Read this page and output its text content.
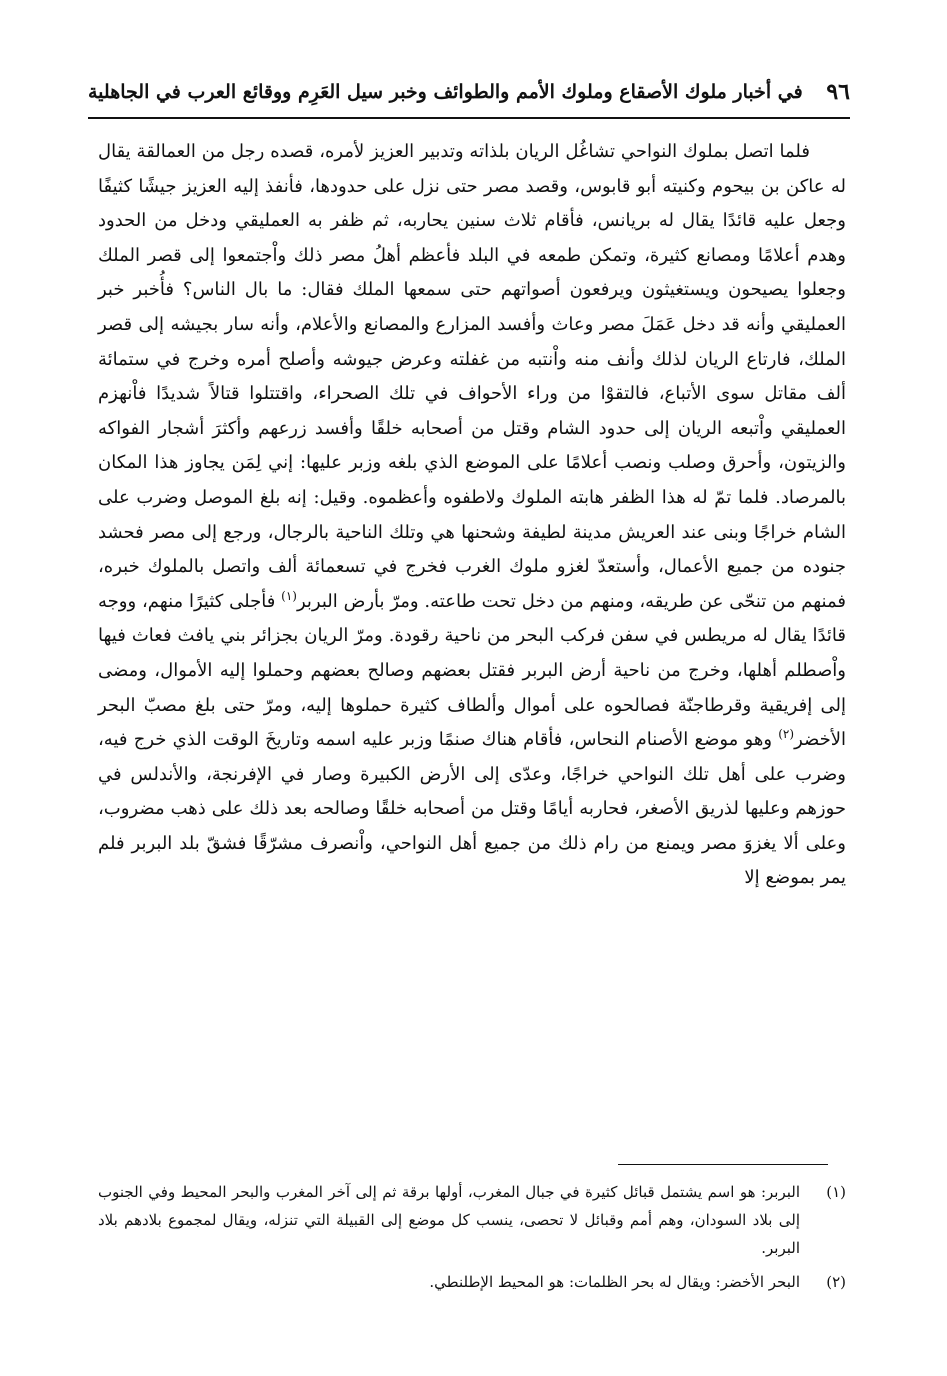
٩٦
في أخبار ملوك الأصقاع وملوك الأمم والطوائف وخبر سيل العَرِم ووقائع العرب في الجاهلية

فلما اتصل بملوك النواحي تشاغُل الريان بلذاته وتدبير العزيز لأمره، قصده رجل من العمالقة يقال له عاكن بن بيحوم وكنيته أبو قابوس، وقصد مصر حتى نزل على حدودها، فأنفذ إليه العزيز جيشًا كثيفًا وجعل عليه قائدًا يقال له بريانس، فأقام ثلاث سنين يحاربه، ثم ظفر به العمليقي ودخل من الحدود وهدم أعلامًا ومصانع كثيرة، وتمكن طمعه في البلد فأعظم أهلُ مصر ذلك واْجتمعوا إلى قصر الملك وجعلوا يصيحون ويستغيثون ويرفعون أصواتهم حتى سمعها الملك فقال: ما بال الناس؟ فأُخبر خبر العمليقي وأنه قد دخل عَمَلَ مصر وعاث وأفسد المزارع والمصانع والأعلام، وأنه سار بجيشه إلى قصر الملك، فارتاع الريان لذلك وأنف منه واْنتبه من غفلته وعرض جيوشه وأصلح أمره وخرج في ستمائة ألف مقاتل سوى الأتباع، فالتقوْا من وراء الأحواف في تلك الصحراء، واقتتلوا قتالاً شديدًا فاْنهزم العمليقي واْتبعه الريان إلى حدود الشام وقتل من أصحابه خلقًا وأفسد زرعهم وأكثرَ أشجار الفواكه والزيتون، وأحرق وصلب ونصب أعلامًا على الموضع الذي بلغه وزبر عليها: إني لِمَن يجاوز هذا المكان بالمرصاد. فلما تمّ له هذا الظفر هابته الملوك ولاطفوه وأعظموه. وقيل: إنه بلغ الموصل وضرب على الشام خراجًا وبنى عند العريش مدينة لطيفة وشحنها هي وتلك الناحية بالرجال، ورجع إلى مصر فحشد جنوده من جميع الأعمال، وأستعدّ لغزو ملوك الغرب فخرج في تسعمائة ألف واتصل بالملوك خبره، فمنهم من تنحّى عن طريقه، ومنهم من دخل تحت طاعته. ومرّ بأرض البربر$^{(١)}$ فأجلى كثيرًا منهم، ووجه قائدًا يقال له مريطس في سفن فركب البحر من ناحية رقودة. ومرّ الريان بجزائر بني يافث فعاث فيها واْصطلم أهلها، وخرج من ناحية أرض البربر فقتل بعضهم وصالح بعضهم وحملوا إليه الأموال، ومضى إلى إفريقية وقرطاجنّة فصالحوه على أموال وألطاف كثيرة حملوها إليه، ومرّ حتى بلغ مصبّ البحر الأخضر$^{(٢)}$ وهو موضع الأصنام النحاس، فأقام هناك صنمًا وزبر عليه اسمه وتاريخَ الوقت الذي خرج فيه، وضرب على أهل تلك النواحي خراجًا، وعدّى إلى الأرض الكبيرة وصار في الإفرنجة، والأندلس في حوزهم وعليها لذريق الأصغر، فحاربه أيامًا وقتل من أصحابه خلقًا وصالحه بعد ذلك على ذهب مضروب، وعلى ألا يغزوَ مصر ويمنع من رام ذلك من جميع أهل النواحي، واْنصرف مشرّقًا فشقّ بلد البربر فلم يمر بموضع إلا

(١)
البربر: هو اسم يشتمل قبائل كثيرة في جبال المغرب، أولها برقة ثم إلى آخر المغرب والبحر المحيط وفي الجنوب إلى بلاد السودان، وهم أمم وقبائل لا تحصى، ينسب كل موضع إلى القبيلة التي تنزله، ويقال لمجموع بلادهم بلاد البربر.
(٢)
البحر الأخضر: ويقال له بحر الظلمات: هو المحيط الإطلنطي.
